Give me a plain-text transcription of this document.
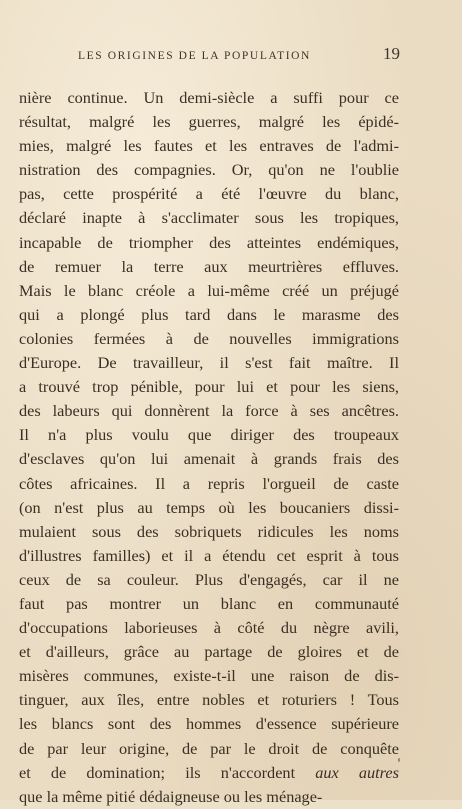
LES ORIGINES DE LA POPULATION	19
nière continue. Un demi-siècle a suffi pour ce
résultat, malgré les guerres, malgré les épidé-
mies, malgré les fautes et les entraves de l'admi-
nistration des compagnies. Or, qu'on ne l'oublie
pas, cette prospérité a été l'œuvre du blanc,
déclaré inapte à s'acclimater sous les tropiques,
incapable de triompher des atteintes endémiques,
de remuer la terre aux meurtrières effluves.
Mais le blanc créole a lui-même créé un préjugé
qui a plongé plus tard dans le marasme des
colonies fermées à de nouvelles immigrations
d'Europe. De travailleur, il s'est fait maître. Il
a trouvé trop pénible, pour lui et pour les siens,
des labeurs qui donnèrent la force à ses ancêtres.
Il n'a plus voulu que diriger des troupeaux
d'esclaves qu'on lui amenait à grands frais des
côtes africaines. Il a repris l'orgueil de caste
(on n'est plus au temps où les boucaniers dissi-
mulaient sous des sobriquets ridicules les noms
d'illustres familles) et il a étendu cet esprit à tous
ceux de sa couleur. Plus d'engagés, car il ne
faut pas montrer un blanc en communauté
d'occupations laborieuses à côté du nègre avili,
et d'ailleurs, grâce au partage de gloires et de
misères communes, existe-t-il une raison de dis-
tinguer, aux îles, entre nobles et roturiers ! Tous
les blancs sont des hommes d'essence supérieure
de par leur origine, de par le droit de conquête
et de domination; ils n'accordent aux autres
que la même pitié dédaigneuse ou les ménage-
